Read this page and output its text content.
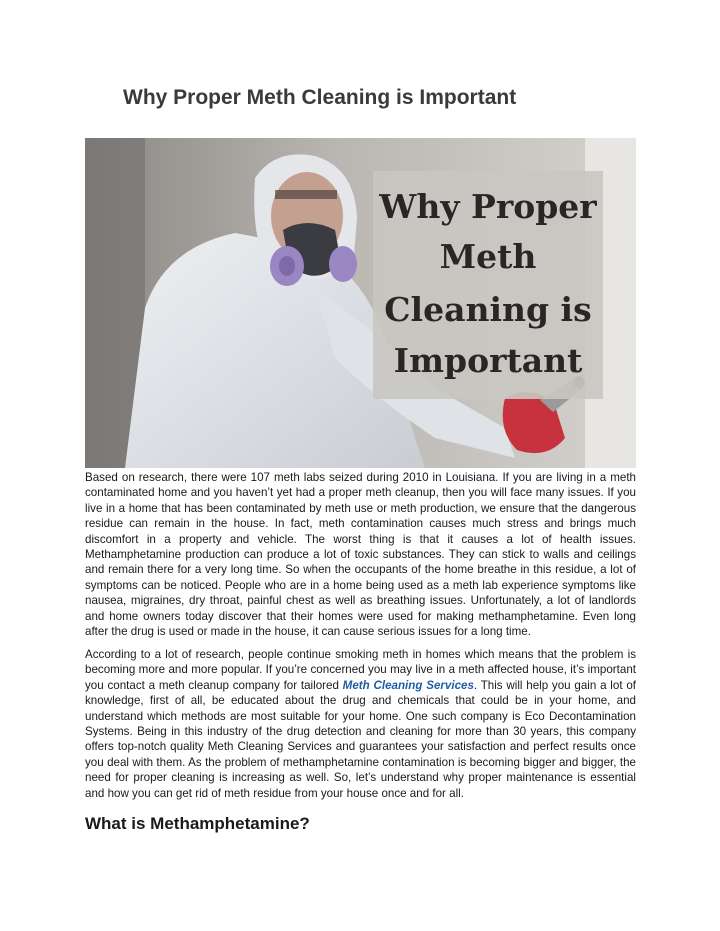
Why Proper Meth Cleaning is Important
Why Proper
Meth
Cleaning is
Important

Based on research, there were 107 meth labs seized during 2010 in Louisiana. If you are living in a meth contaminated home and you haven’t yet had a proper meth cleanup, then you will face many issues. If you live in a home that has been contaminated by meth use or meth production, we ensure that the dangerous residue can remain in the house. In fact, meth contamination causes much stress and brings much discomfort in a property and vehicle. The worst thing is that it causes a lot of health issues. Methamphetamine production can produce a lot of toxic substances. They can stick to walls and ceilings and remain there for a very long time. So when the occupants of the home breathe in this residue, a lot of symptoms can be noticed. People who are in a home being used as a meth lab experience symptoms like nausea, migraines, dry throat, painful chest as well as breathing issues. Unfortunately, a lot of landlords and home owners today discover that their homes were used for making methamphetamine. Even long after the drug is used or made in the house, it can cause serious issues for a long time.

According to a lot of research, people continue smoking meth in homes which means that the problem is becoming more and more popular. If you’re concerned you may live in a meth affected house, it’s important you contact a meth cleanup company for tailored Meth Cleaning Services. This will help you gain a lot of knowledge, first of all, be educated about the drug and chemicals that could be in your home, and understand which methods are most suitable for your home. One such company is Eco Decontamination Systems. Being in this industry of the drug detection and cleaning for more than 30 years, this company offers top-notch quality Meth Cleaning Services and guarantees your satisfaction and perfect results once you deal with them. As the problem of methamphetamine contamination is becoming bigger and bigger, the need for proper cleaning is increasing as well. So, let’s understand why proper maintenance is essential and how you can get rid of meth residue from your house once and for all.

What is Methamphetamine?
